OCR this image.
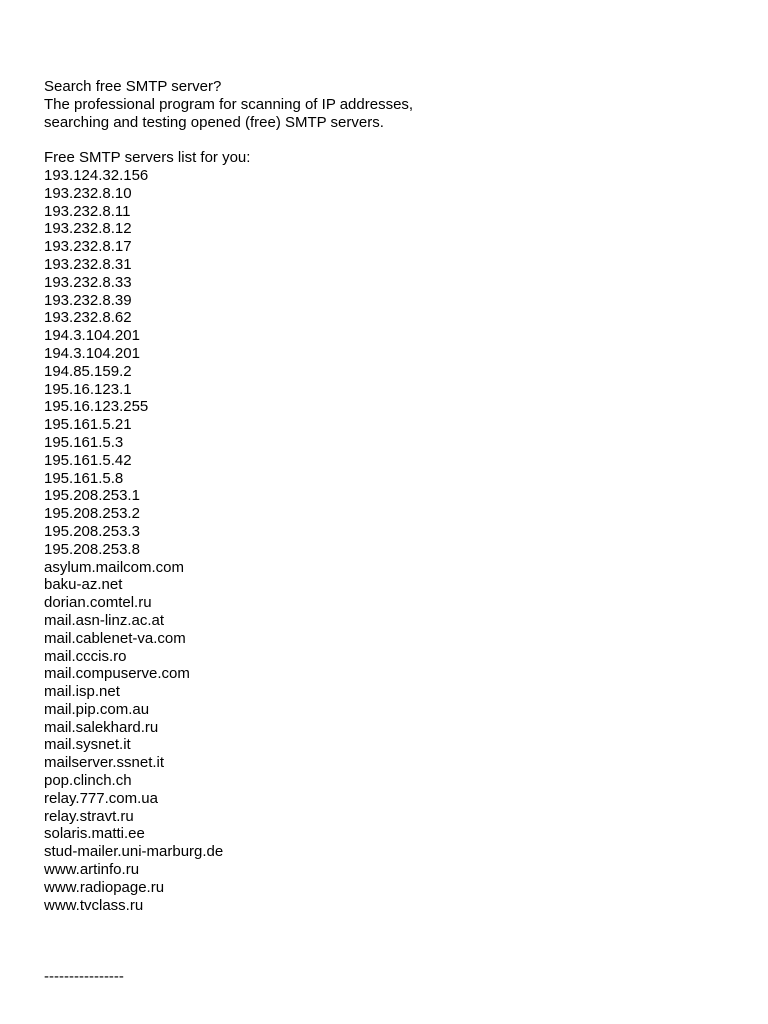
Search free SMTP server?
The professional program for scanning of IP addresses,
searching and testing opened (free) SMTP servers.
Free SMTP servers list for you:
193.124.32.156
193.232.8.10
193.232.8.11
193.232.8.12
193.232.8.17
193.232.8.31
193.232.8.33
193.232.8.39
193.232.8.62
194.3.104.201
194.3.104.201
194.85.159.2
195.16.123.1
195.16.123.255
195.161.5.21
195.161.5.3
195.161.5.42
195.161.5.8
195.208.253.1
195.208.253.2
195.208.253.3
195.208.253.8
asylum.mailcom.com
baku-az.net
dorian.comtel.ru
mail.asn-linz.ac.at
mail.cablenet-va.com
mail.cccis.ro
mail.compuserve.com
mail.isp.net
mail.pip.com.au
mail.salekhard.ru
mail.sysnet.it
mailserver.ssnet.it
pop.clinch.ch
relay.777.com.ua
relay.stravt.ru
solaris.matti.ee
stud-mailer.uni-marburg.de
www.artinfo.ru
www.radiopage.ru
www.tvclass.ru
----------------
